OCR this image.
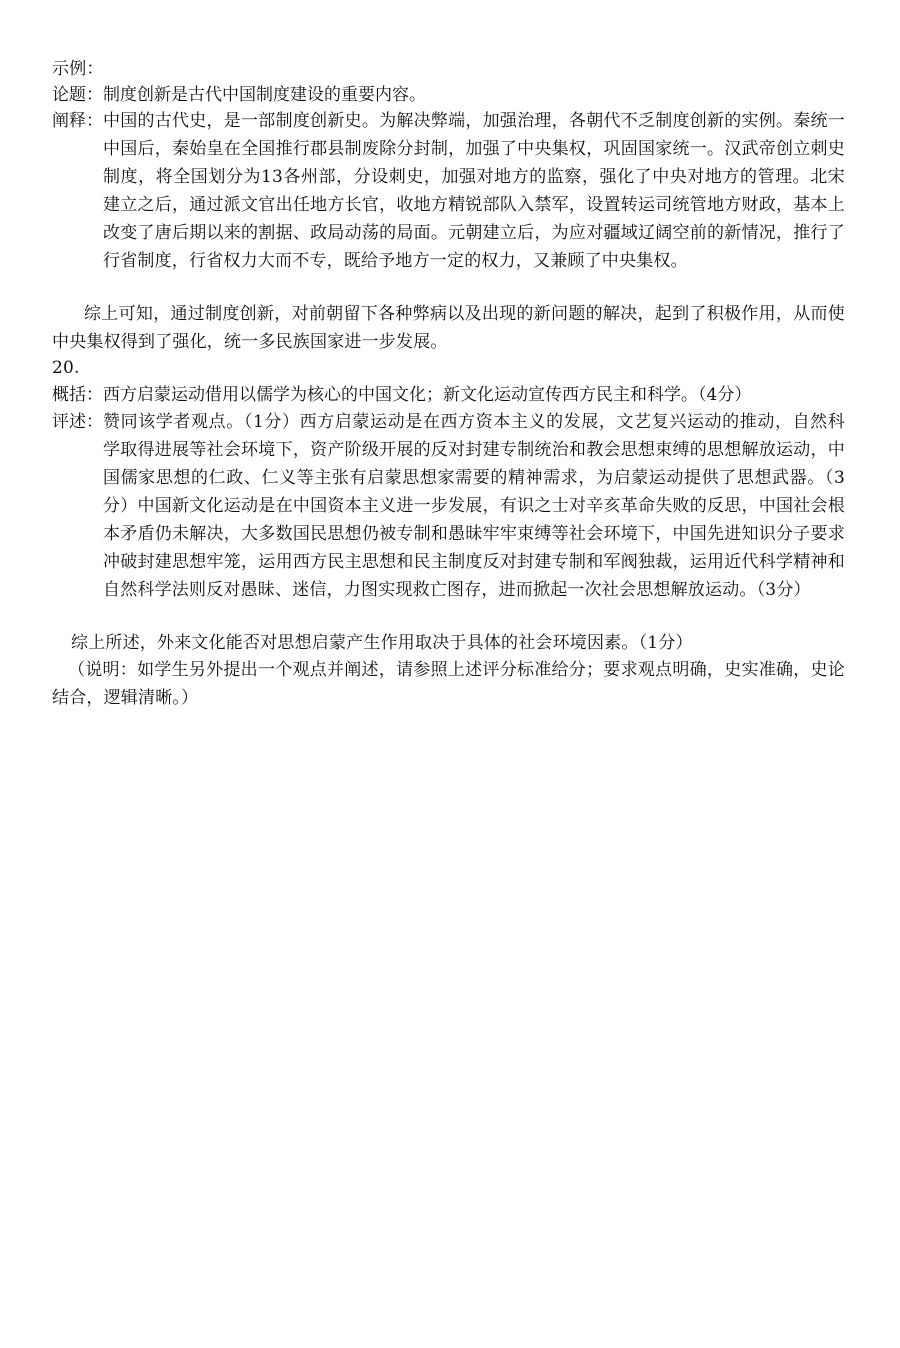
示例：
论题：制度创新是古代中国制度建设的重要内容。
阐释： 中国的古代史，是一部制度创新史。为解决弊端，加强治理，各朝代不乏制度创新的实例。秦统一中国后，秦始皇在全国推行郡县制废除分封制，加强了中央集权，巩固国家统一。汉武帝创立刺史制度，将全国划分为13各州部，分设刺史，加强对地方的监察，强化了中央对地方的管理。北宋建立之后，通过派文官出任地方长官，收地方精锐部队入禁军，设置转运司统管地方财政，基本上改变了唐后期以来的割据、政局动荡的局面。元朝建立后，为应对疆域辽阔空前的新情况，推行了行省制度，行省权力大而不专，既给予地方一定的权力，又兼顾了中央集权。
综上可知，通过制度创新，对前朝留下各种弊病以及出现的新问题的解决，起到了积极作用，从而使中央集权得到了强化，统一多民族国家进一步发展。
20.
概括：西方启蒙运动借用以儒学为核心的中国文化；新文化运动宣传西方民主和科学。（4分）
评述： 赞同该学者观点。（1分）西方启蒙运动是在西方资本主义的发展，文艺复兴运动的推动，自然科学取得进展等社会环境下，资产阶级开展的反对封建专制统治和教会思想束缚的思想解放运动，中国儒家思想的仁政、仁义等主张有启蒙思想家需要的精神需求，为启蒙运动提供了思想武器。（3分）中国新文化运动是在中国资本主义进一步发展，有识之士对辛亥革命失败的反思，中国社会根本矛盾仍未解决，大多数国民思想仍被专制和愚昧牢牢束缚等社会环境下，中国先进知识分子要求冲破封建思想牢笼，运用西方民主思想和民主制度反对封建专制和军阀独裁，运用近代科学精神和自然科学法则反对愚昧、迷信，力图实现救亡图存，进而掀起一次社会思想解放运动。（3分）
综上所述，外来文化能否对思想启蒙产生作用取决于具体的社会环境因素。（1分）
（说明：如学生另外提出一个观点并阐述，请参照上述评分标准给分；要求观点明确，史实准确，史论结合，逻辑清晰。）
